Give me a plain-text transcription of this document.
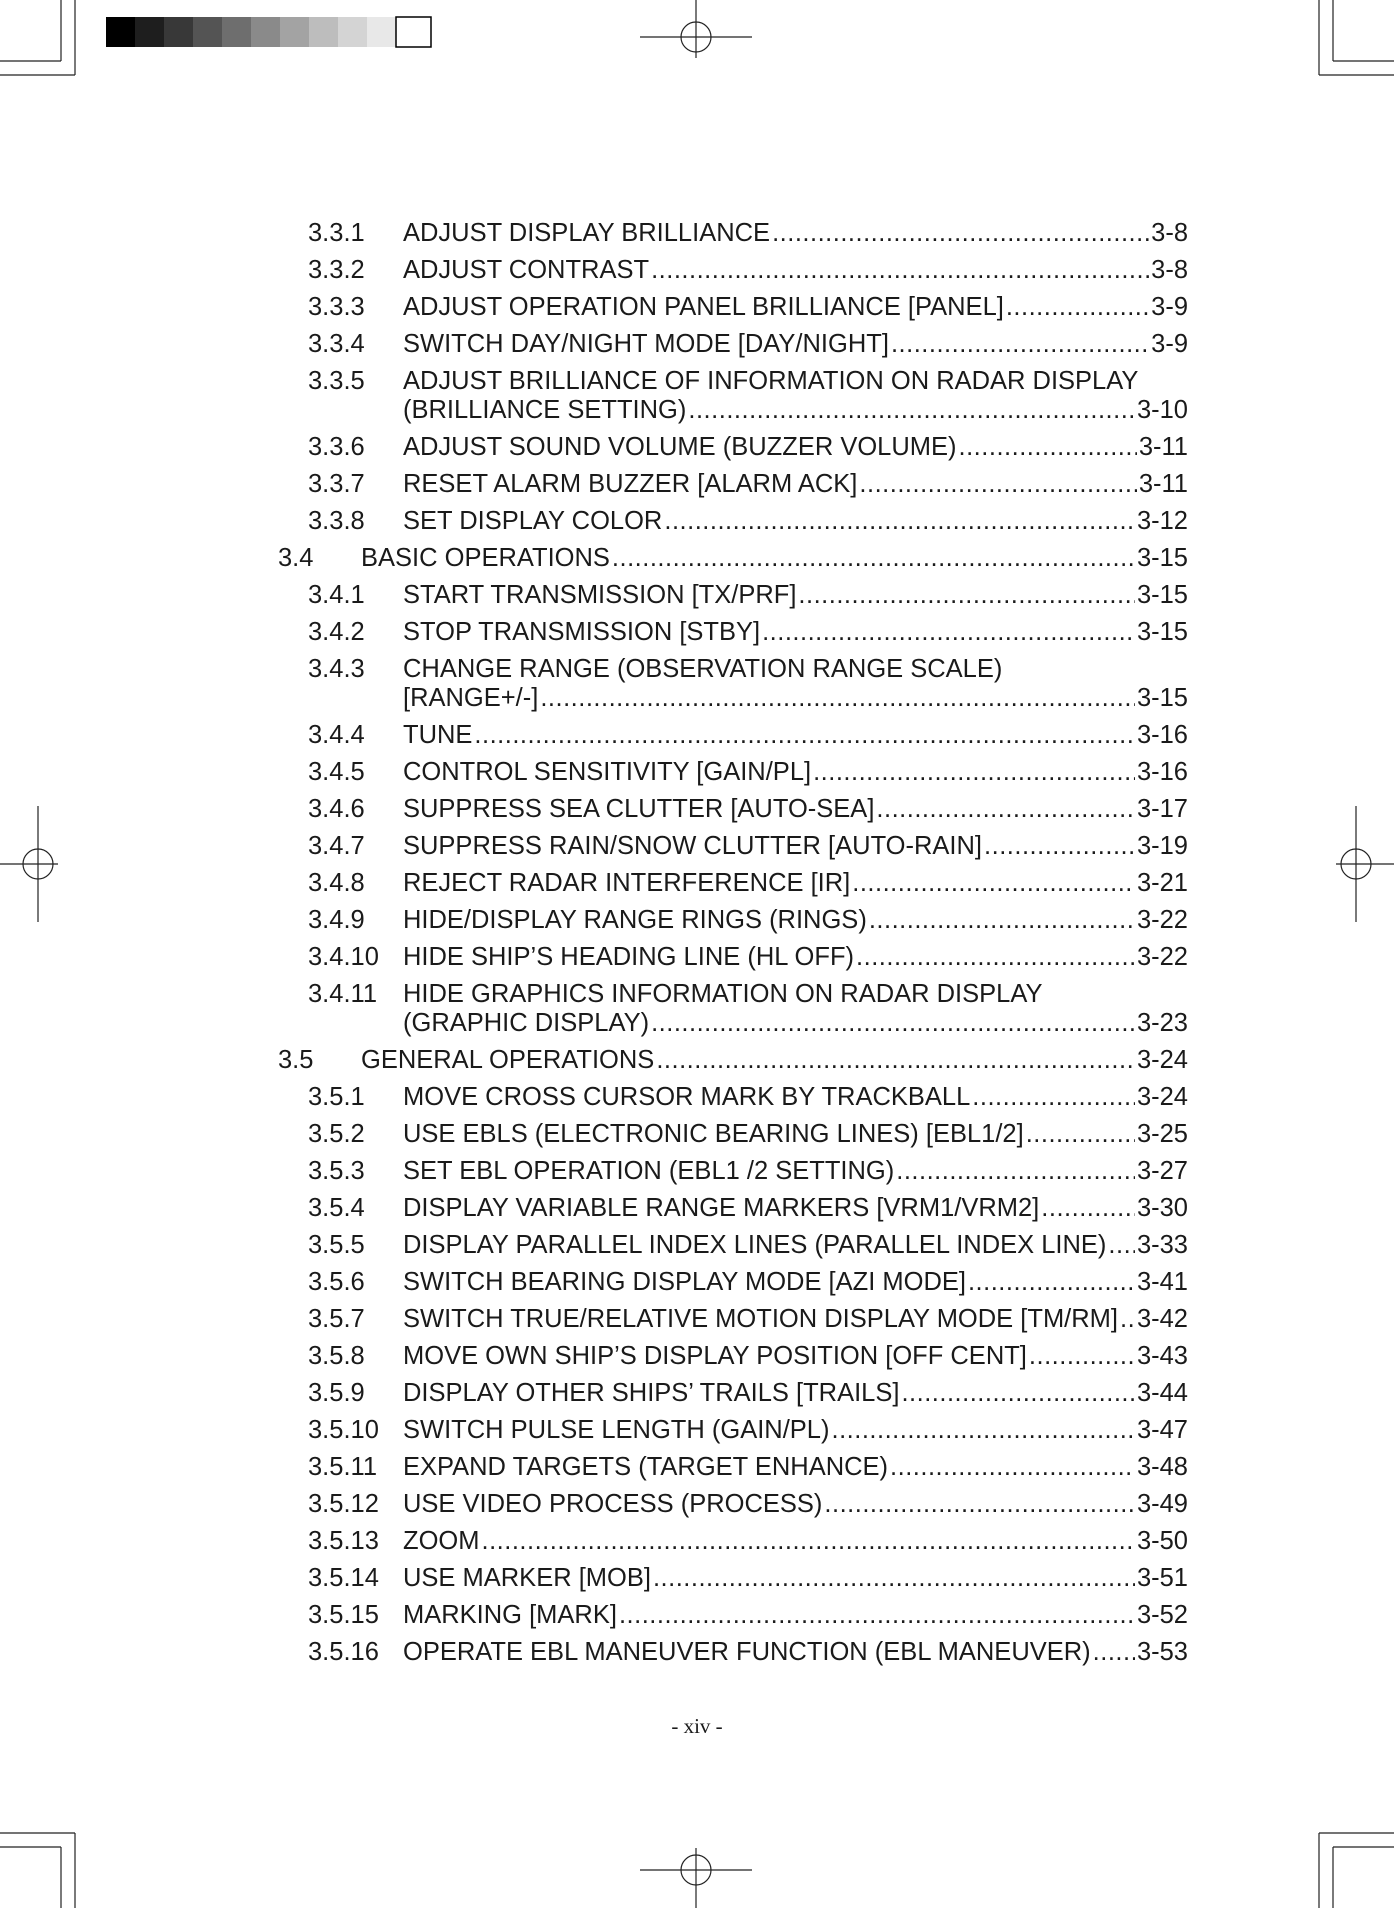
3.3.1 ADJUST DISPLAY BRILLIANCE .....	3-8
3.3.2 ADJUST CONTRAST .....	3-8
3.3.3 ADJUST OPERATION PANEL BRILLIANCE [PANEL] .....	3-9
3.3.4 SWITCH DAY/NIGHT MODE [DAY/NIGHT] .....	3-9
3.3.5 ADJUST BRILLIANCE OF INFORMATION ON RADAR DISPLAY
(BRILLIANCE SETTING) .....	3-10
3.3.6 ADJUST SOUND VOLUME (BUZZER VOLUME) .....	3-11
3.3.7 RESET ALARM BUZZER [ALARM ACK] .....	3-11
3.3.8 SET DISPLAY COLOR .....	3-12
3.4 BASIC OPERATIONS .....	3-15
3.4.1 START TRANSMISSION [TX/PRF] .....	3-15
3.4.2 STOP TRANSMISSION [STBY] .....	3-15
3.4.3 CHANGE RANGE (OBSERVATION RANGE SCALE)
[RANGE+/-] .....	3-15
3.4.4 TUNE .....	3-16
3.4.5 CONTROL SENSITIVITY [GAIN/PL] .....	3-16
3.4.6 SUPPRESS SEA CLUTTER [AUTO-SEA] .....	3-17
3.4.7 SUPPRESS RAIN/SNOW CLUTTER [AUTO-RAIN] .....	3-19
3.4.8 REJECT RADAR INTERFERENCE [IR] .....	3-21
3.4.9 HIDE/DISPLAY RANGE RINGS (RINGS) .....	3-22
3.4.10 HIDE SHIP’S HEADING LINE (HL OFF) .....	3-22
3.4.11 HIDE GRAPHICS INFORMATION ON RADAR DISPLAY
(GRAPHIC DISPLAY) .....	3-23
3.5 GENERAL OPERATIONS .....	3-24
3.5.1 MOVE CROSS CURSOR MARK BY TRACKBALL .....	3-24
3.5.2 USE EBLS (ELECTRONIC BEARING LINES) [EBL1/2] .....	3-25
3.5.3 SET EBL OPERATION (EBL1 /2 SETTING) .....	3-27
3.5.4 DISPLAY VARIABLE RANGE MARKERS [VRM1/VRM2] .....	3-30
3.5.5 DISPLAY PARALLEL INDEX LINES (PARALLEL INDEX LINE) ..... 3-33
3.5.6 SWITCH BEARING DISPLAY MODE [AZI MODE] .....	3-41
3.5.7 SWITCH TRUE/RELATIVE MOTION DISPLAY MODE [TM/RM] ..... 3-42
3.5.8 MOVE OWN SHIP’S DISPLAY POSITION [OFF CENT] .....	3-43
3.5.9 DISPLAY OTHER SHIPS’ TRAILS [TRAILS] .....	3-44
3.5.10 SWITCH PULSE LENGTH (GAIN/PL) .....	3-47
3.5.11 EXPAND TARGETS (TARGET ENHANCE) .....	3-48
3.5.12 USE VIDEO PROCESS (PROCESS) .....	3-49
3.5.13 ZOOM .....	3-50
3.5.14 USE MARKER [MOB] .....	3-51
3.5.15 MARKING [MARK] .....	3-52
3.5.16 OPERATE EBL MANEUVER FUNCTION (EBL MANEUVER) ..... 3-53
- xiv -
